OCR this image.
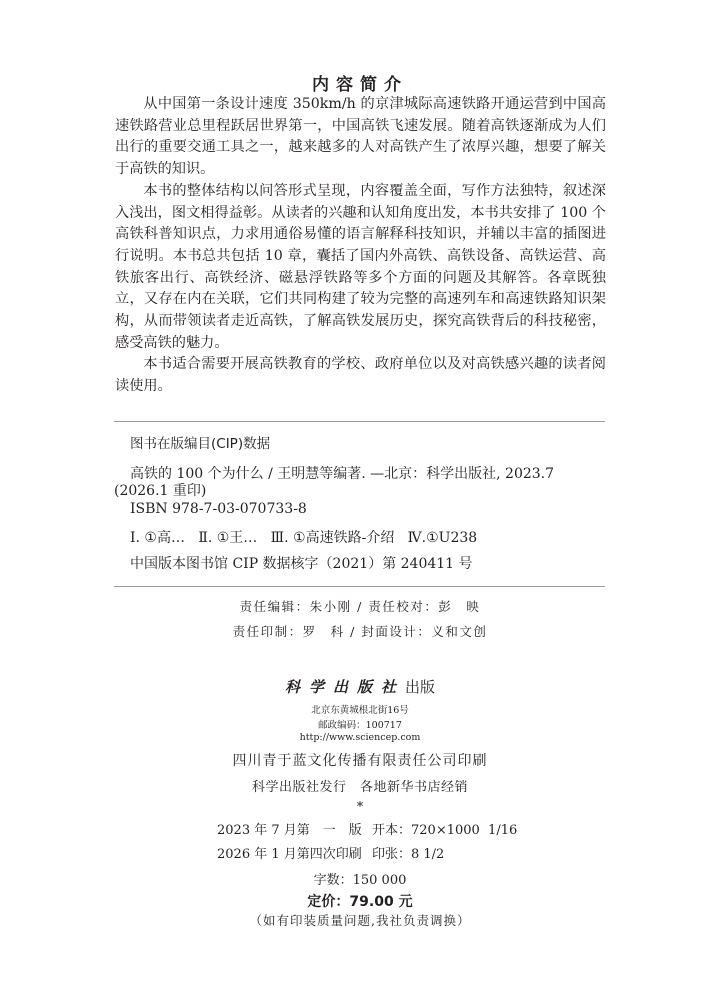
内容简介

从中国第一条设计速度 350km/h 的京津城际高速铁路开通运营到中国高速铁路营业总里程跃居世界第一，中国高铁飞速发展。随着高铁逐渐成为人们出行的重要交通工具之一，越来越多的人对高铁产生了浓厚兴趣，想要了解关于高铁的知识。

本书的整体结构以问答形式呈现，内容覆盖全面，写作方法独特，叙述深入浅出，图文相得益彰。从读者的兴趣和认知角度出发，本书共安排了 100 个高铁科普知识点，力求用通俗易懂的语言解释科技知识，并辅以丰富的插图进行说明。本书总共包括 10 章，囊括了国内外高铁、高铁设备、高铁运营、高铁旅客出行、高铁经济、磁悬浮铁路等多个方面的问题及其解答。各章既独立，又存在内在关联，它们共同构建了较为完整的高速列车和高速铁路知识架构，从而带领读者走近高铁，了解高铁发展历史，探究高铁背后的科技秘密，感受高铁的魅力。

本书适合需要开展高铁教育的学校、政府单位以及对高铁感兴趣的读者阅读使用。

图书在版编目(CIP)数据
高铁的 100 个为什么 / 王明慧等编著. —北京：科学出版社, 2023.7
(2026.1 重印)
ISBN 978-7-03-070733-8
Ⅰ. ①高…   Ⅱ. ①王…   Ⅲ. ①高速铁路-介绍   Ⅳ.①U238
中国版本图书馆 CIP 数据核字（2021）第 240411 号
责任编辑：朱小刚 / 责任校对：彭　映
责任印制：罗　科 / 封面设计：义和文创
科学出版社出版
北京东黄城根北街16号
邮政编码：100717
http://www.sciencep.com
四川青于蓝文化传播有限责任公司印刷
科学出版社发行　各地新华书店经销
*
2023 年 7 月第　一　版 开本：720×1000  1/16
2026 年 1 月第四次印刷 印张：8 1/2
字数：150 000
定价：79.00 元
（如有印装质量问题,我社负责调换）
